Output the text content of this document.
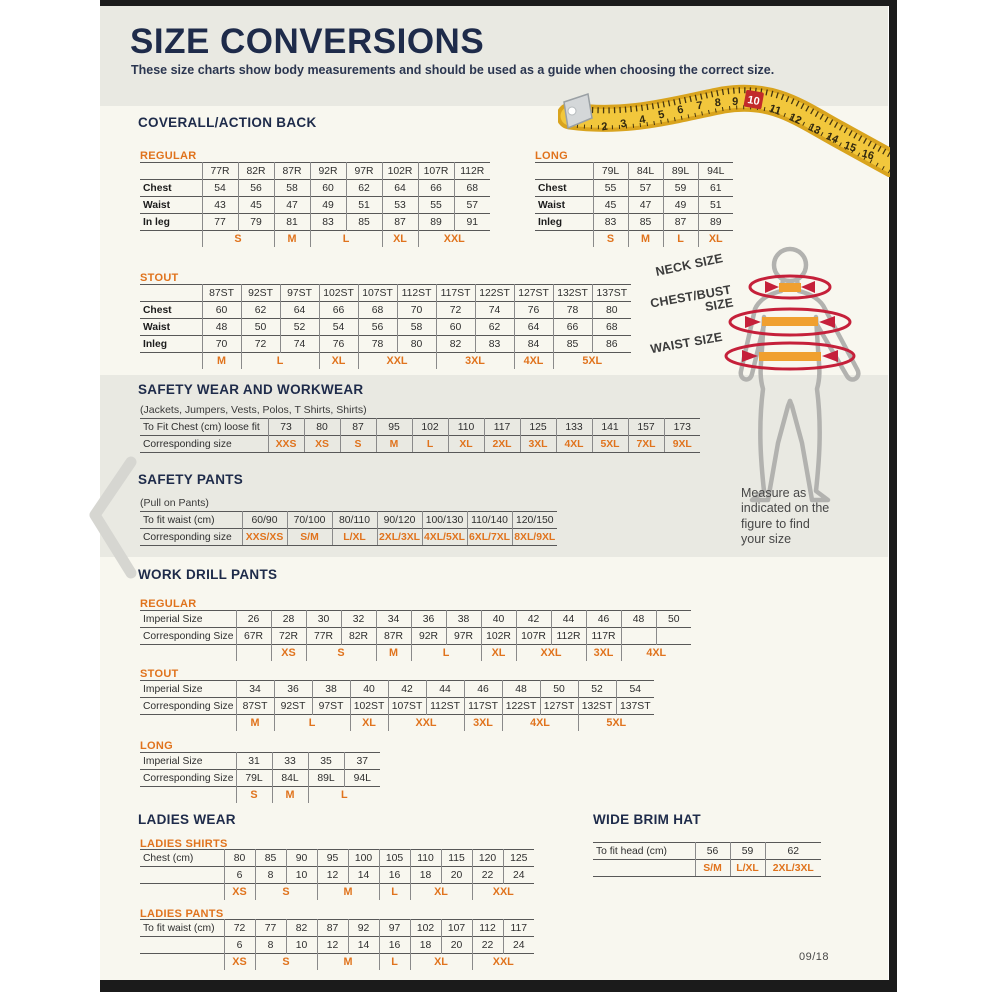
SIZE CONVERSIONS
These size charts show body measurements and should be used as a guide when choosing the correct size.
2 3 4 5 6 7 8 9 10
11
12
13
14
15
16
NECK SIZE
CHEST/BUST SIZE
WAIST SIZE
Measure as indicated on the figure to find your size
COVERALL/ACTION BACK
REGULAR
	77R	82R	87R	92R	97R	102R	107R	112R
Chest	54	56	58	60	62	64	66	68
Waist	43	45	47	49	51	53	55	57
In leg	77	79	81	83	85	87	89	91
	S		M	L		XL	XXL	
LONG
	79L	84L	89L	94L
Chest	55	57	59	61
Waist	45	47	49	51
Inleg	83	85	87	89
	S	M	L	XL
STOUT
	87ST	92ST	97ST	102ST	107ST	112ST	117ST	122ST	127ST	132ST	137ST
Chest	60	62	64	66	68	70	72	74	76	78	80
Waist	48	50	52	54	56	58	60	62	64	66	68
Inleg	70	72	74	76	78	80	82	83	84	85	86
	M	L		XL	XXL		3XL		4XL	5XL	
SAFETY WEAR AND WORKWEAR
(Jackets, Jumpers, Vests, Polos, T Shirts, Shirts)
To Fit Chest (cm) loose fit	73	80	87	95	102	110	117	125	133	141	157	173
Corresponding size	XXS	XS	S	M	L	XL	2XL	3XL	4XL	5XL	7XL	9XL
SAFETY PANTS
(Pull on Pants)
To fit waist (cm)	60/90	70/100	80/110	90/120	100/130	110/140	120/150
Corresponding size	XXS/XS	S/M	L/XL	2XL/3XL	4XL/5XL	6XL/7XL	8XL/9XL
WORK DRILL PANTS
REGULAR
Imperial Size	26	28	30	32	34	36	38	40	42	44	46	48	50
Corresponding Size	67R	72R	77R	82R	87R	92R	97R	102R	107R	112R	117R		
		XS	S		M	L		XL	XXL		3XL	4XL	
STOUT
Imperial Size	34	36	38	40	42	44	46	48	50	52	54
Corresponding Size	87ST	92ST	97ST	102ST	107ST	112ST	117ST	122ST	127ST	132ST	137ST
	M	L		XL	XXL		3XL	4XL		5XL	
LONG
Imperial Size	31	33	35	37
Corresponding Size	79L	84L	89L	94L
	S	M	L	
LADIES WEAR
LADIES SHIRTS
Chest (cm)	80	85	90	95	100	105	110	115	120	125
	6	8	10	12	14	16	18	20	22	24
	XS	S		M		L	XL		XXL	
LADIES PANTS
To fit waist (cm)	72	77	82	87	92	97	102	107	112	117
	6	8	10	12	14	16	18	20	22	24
	XS	S		M		L	XL		XXL	
WIDE BRIM HAT
To fit head (cm)	56	59	62
	S/M	L/XL	2XL/3XL
09/18
